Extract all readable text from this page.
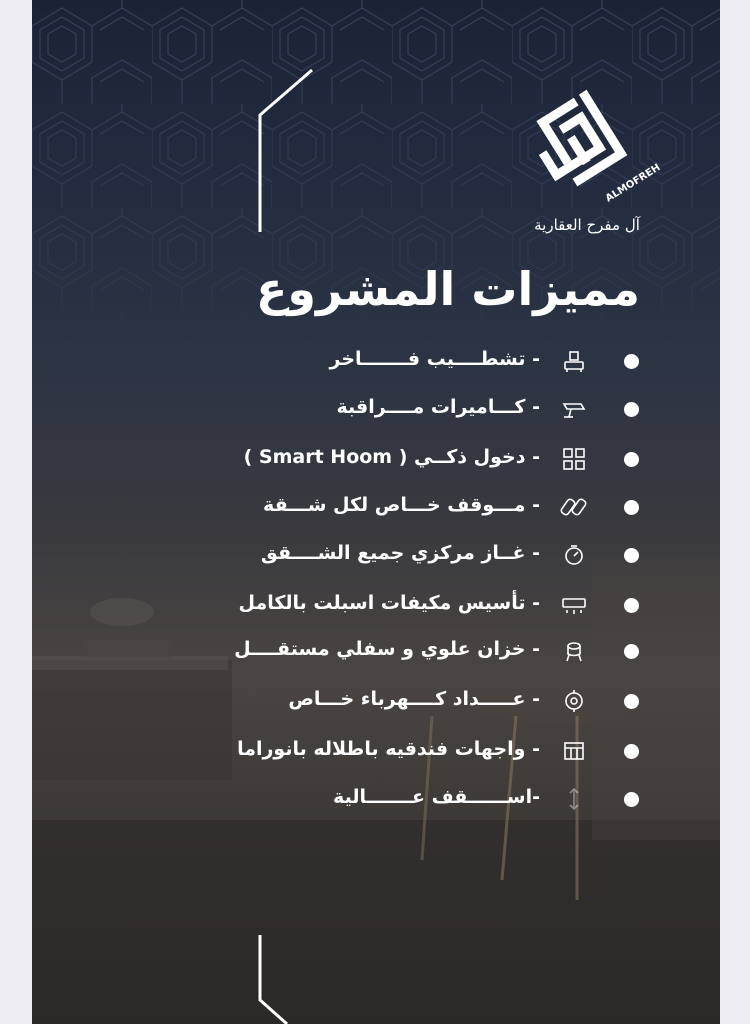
ALMOFREH
آل مفرح العقارية
مميزات المشروع
- تشطــــيب فـــــــاخر
- كـــاميرات مــــراقبة
- دخول ذكــي ( Smart Hoom )
- مـــوقف خـــاص لكل شـــقة
- غــاز مركزي جميع الشــــقق
- تأسيس مكيفات اسبلت بالكامل
- خزان علوي و سفلي مستقــــل
- عـــــداد كــــهرباء خـــاص
- واجهات فندقيه باطلاله بانوراما
-اســــــقف عـــــــالية
